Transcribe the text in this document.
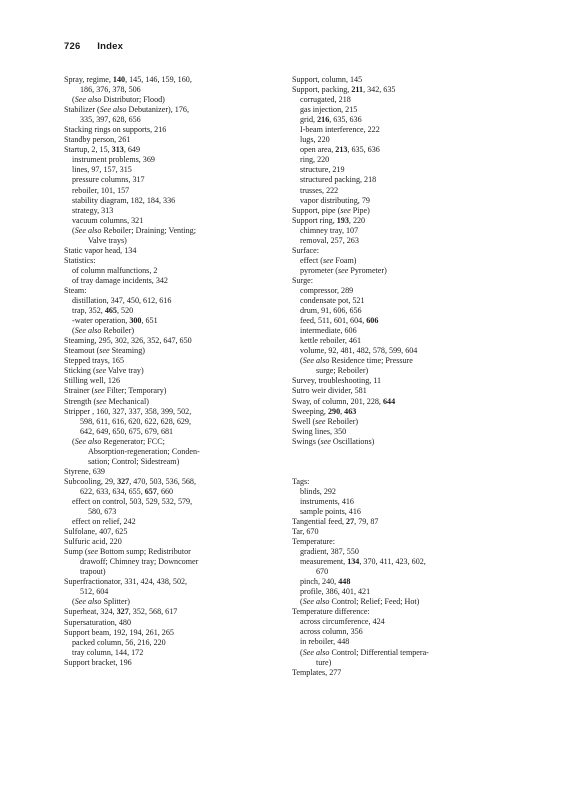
726 Index
Spray, regime, 140, 145, 146, 159, 160,
186, 376, 378, 506
(See also Distributor; Flood)
Stabilizer (See also Debutanizer), 176,
335, 397, 628, 656
Stacking rings on supports, 216
Standby person, 261
Startup, 2, 15, 313, 649
instrument problems, 369
lines, 97, 157, 315
pressure columns, 317
reboiler, 101, 157
stability diagram, 182, 184, 336
strategy, 313
vacuum columns, 321
(See also Reboiler; Draining; Venting;
Valve trays)
Static vapor head, 134
Statistics:
of column malfunctions, 2
of tray damage incidents, 342
Steam:
distillation, 347, 450, 612, 616
trap, 352, 465, 520
-water operation, 300, 651
(See also Reboiler)
Steaming, 295, 302, 326, 352, 647, 650
Steamout (see Steaming)
Stepped trays, 165
Sticking (see Valve tray)
Stilling well, 126
Strainer (see Filter; Temporary)
Strength (see Mechanical)
Stripper , 160, 327, 337, 358, 399, 502,
598, 611, 616, 620, 622, 628, 629,
642, 649, 650, 675, 679, 681
(See also Regenerator; FCC;
Absorption-regeneration; Conden-
sation; Control; Sidestream)
Styrene, 639
Subcooling, 29, 327, 470, 503, 536, 568,
622, 633, 634, 655, 657, 660
effect on control, 503, 529, 532, 579,
580, 673
effect on relief, 242
Sulfolane, 407, 625
Sulfuric acid, 220
Sump (see Bottom sump; Redistributor
drawoff; Chimney tray; Downcomer
trapout)
Superfractionator, 331, 424, 438, 502,
512, 604
(See also Splitter)
Superheat, 324, 327, 352, 568, 617
Supersaturation, 480
Support beam, 192, 194, 261, 265
packed column, 56, 216, 220
tray column, 144, 172
Support bracket, 196
Support, column, 145
Support, packing, 211, 342, 635
corrugated, 218
gas injection, 215
grid, 216, 635, 636
I-beam interference, 222
lugs, 220
open area, 213, 635, 636
ring, 220
structure, 219
structured packing, 218
trusses, 222
vapor distributing, 79
Support, pipe (see Pipe)
Support ring, 193, 220
chimney tray, 107
removal, 257, 263
Surface:
effect (see Foam)
pyrometer (see Pyrometer)
Surge:
compressor, 289
condensate pot, 521
drum, 91, 606, 656
feed, 511, 601, 604, 606
intermediate, 606
kettle reboiler, 461
volume, 92, 481, 482, 578, 599, 604
(See also Residence time; Pressure
surge; Reboiler)
Survey, troubleshooting, 11
Sutro weir divider, 581
Sway, of column, 201, 228, 644
Sweeping, 290, 463
Swell (see Reboiler)
Swing lines, 350
Swings (see Oscillations)
Tags:
blinds, 292
instruments, 416
sample points, 416
Tangential feed, 27, 79, 87
Tar, 670
Temperature:
gradient, 387, 550
measurement, 134, 370, 411, 423, 602,
670
pinch, 240, 448
profile, 386, 401, 421
(See also Control; Relief; Feed; Hot)
Temperature difference:
across circumference, 424
across column, 356
in reboiler, 448
(See also Control; Differential tempera-
ture)
Templates, 277
